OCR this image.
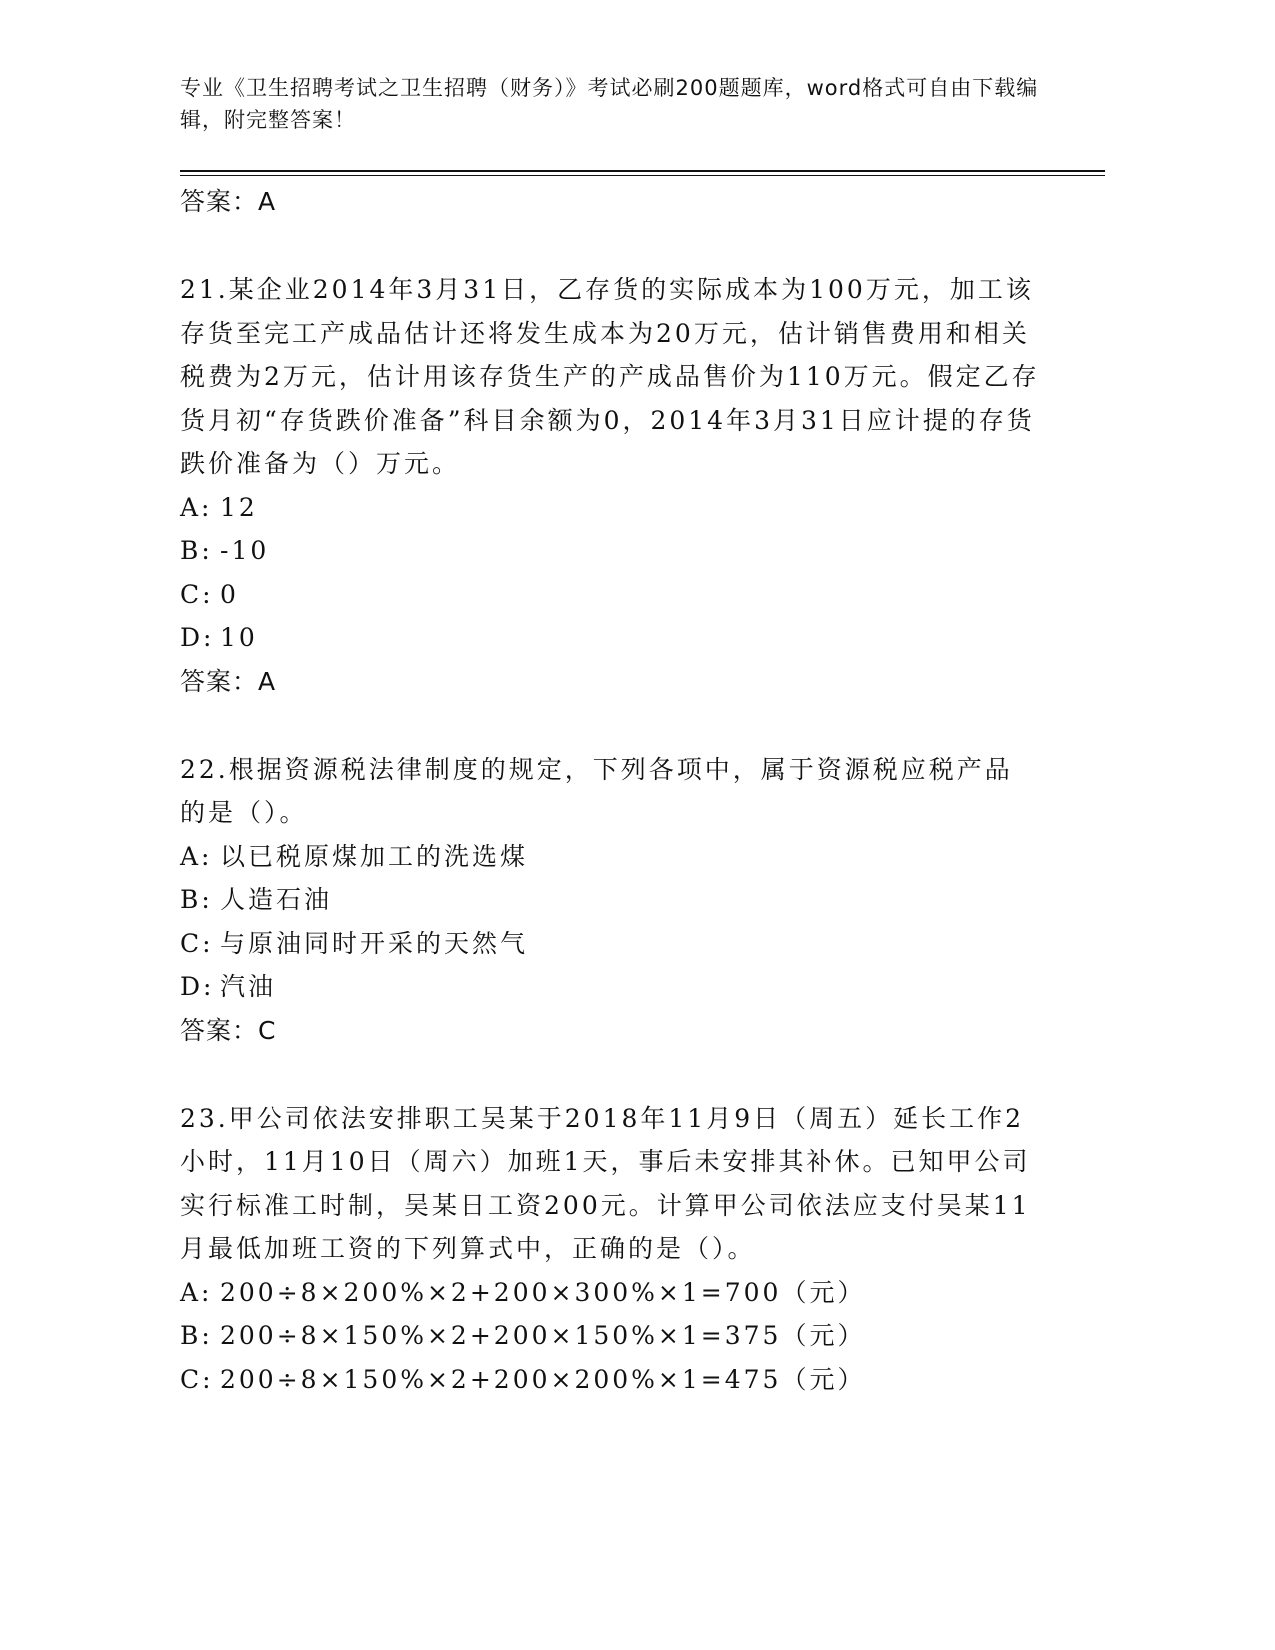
专业《卫生招聘考试之卫生招聘（财务）》考试必刷200题题库，word格式可自由下载编辑，附完整答案！
答案：A
21.某企业2014年3月31日，乙存货的实际成本为100万元，加工该存货至完工产成品估计还将发生成本为20万元，估计销售费用和相关税费为2万元，估计用该存货生产的产成品售价为110万元。假定乙存货月初“存货跌价准备”科目余额为0，2014年3月31日应计提的存货跌价准备为（）万元。
A: 12
B: -10
C: 0
D: 10
答案：A
22.根据资源税法律制度的规定，下列各项中，属于资源税应税产品的是（）。
A: 以已税原煤加工的洗选煤
B: 人造石油
C: 与原油同时开采的天然气
D: 汽油
答案：C
23.甲公司依法安排职工吴某于2018年11月9日（周五）延长工作2小时，11月10日（周六）加班1天，事后未安排其补休。已知甲公司实行标准工时制，吴某日工资200元。计算甲公司依法应支付吴某11月最低加班工资的下列算式中，正确的是（）。
A: 200÷8×200%×2+200×300%×1=700（元）
B: 200÷8×150%×2+200×150%×1=375（元）
C: 200÷8×150%×2+200×200%×1=475（元）
